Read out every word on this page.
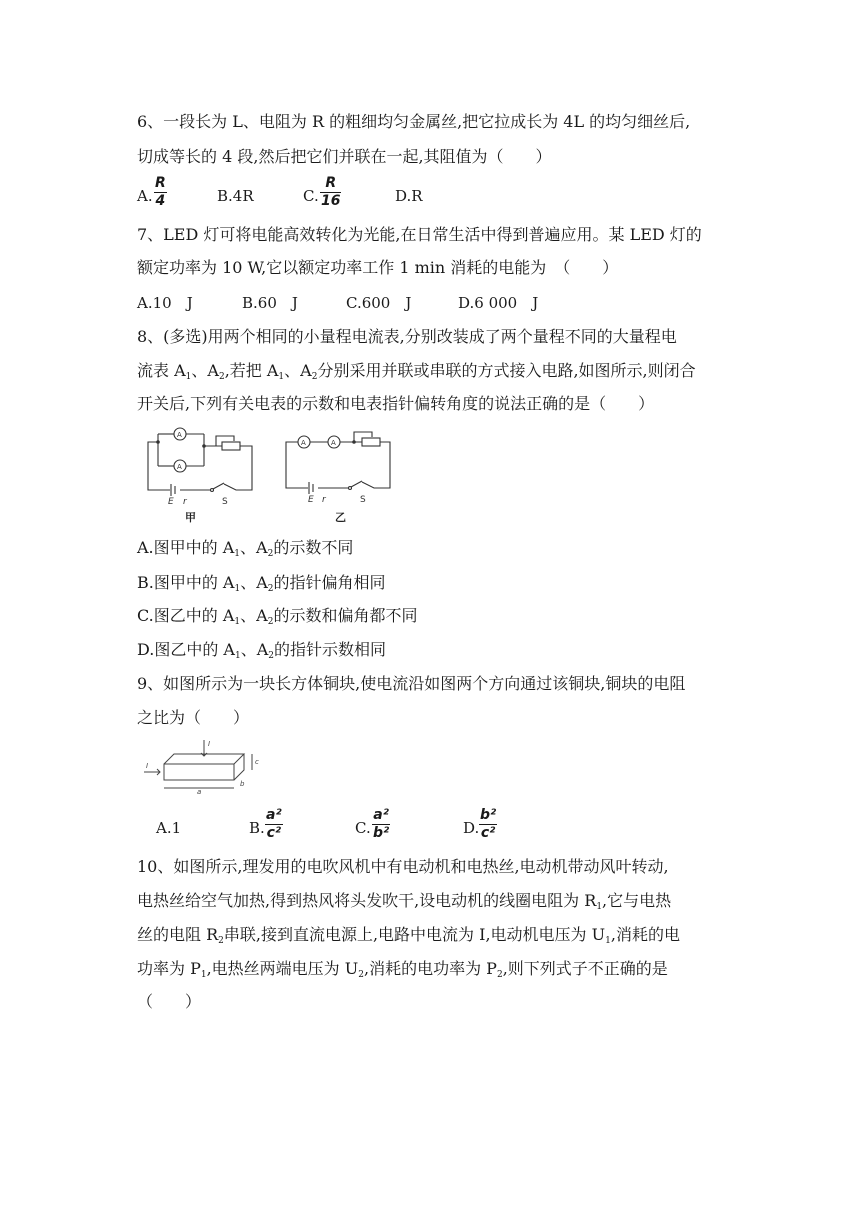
6、一段长为 L、电阻为 R 的粗细均匀金属丝,把它拉成长为 4L 的均匀细丝后,
切成等长的 4 段,然后把它们并联在一起,其阻值为（　　）
A.
R
4	B.4R	C.
R
16	D.R
7、LED 灯可将电能高效转化为光能,在日常生活中得到普遍应用。某 LED 灯的
额定功率为 10 W,它以额定功率工作 1 min 消耗的电能为　（　　）
A.10　J	B.60　J	C.600　J	D.6 000　J
8、(多选)用两个相同的小量程电流表,分别改装成了两个量程不同的大量程电
流表 $A_1$、$A_2$,若把 $A_1$、$A_2$分别采用并联或串联的方式接入电路,如图所示,则闭合
开关后,下列有关电表的示数和电表指针偏转角度的说法正确的是（　　）
A
A
E r	S
甲
A	A
E r	S
乙
A.图甲中的 $A_1$、$A_2$的示数不同
B.图甲中的 $A_1$、$A_2$的指针偏角相同
C.图乙中的 $A_1$、$A_2$的示数和偏角都不同
D.图乙中的 $A_1$、$A_2$的指针示数相同
9、如图所示为一块长方体铜块,使电流沿如图两个方向通过该铜块,铜块的电阻
之比为（　　）
I
I
a
b
c
A.1	B.
a²
c²	C.
a²
b²	D.
b²
c²
10、如图所示,理发用的电吹风机中有电动机和电热丝,电动机带动风叶转动,
电热丝给空气加热,得到热风将头发吹干,设电动机的线圈电阻为 $R_1$,它与电热
丝的电阻 $R_2$串联,接到直流电源上,电路中电流为 I,电动机电压为 $U_1$,消耗的电
功率为 $P_1$,电热丝两端电压为 $U_2$,消耗的电功率为 $P_2$,则下列式子不正确的是
（　　）
